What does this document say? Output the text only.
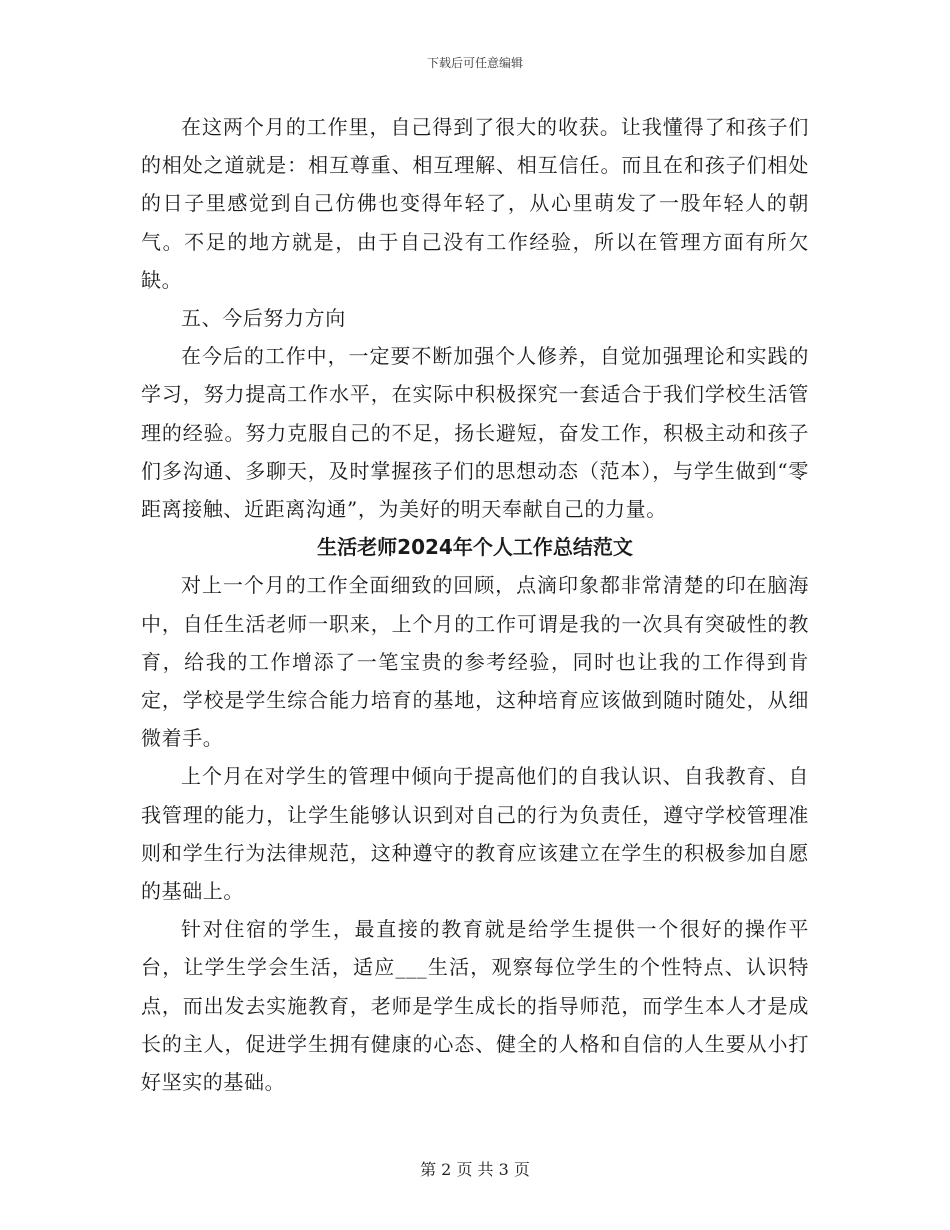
下载后可任意编辑

在这两个月的工作里，自己得到了很大的收获。让我懂得了和孩子们的相处之道就是：相互尊重、相互理解、相互信任。而且在和孩子们相处的日子里感觉到自己仿佛也变得年轻了，从心里萌发了一股年轻人的朝气。不足的地方就是，由于自己没有工作经验，所以在管理方面有所欠缺。

五、今后努力方向

在今后的工作中，一定要不断加强个人修养，自觉加强理论和实践的学习，努力提高工作水平，在实际中积极探究一套适合于我们学校生活管理的经验。努力克服自己的不足，扬长避短，奋发工作，积极主动和孩子们多沟通、多聊天，及时掌握孩子们的思想动态（范本），与学生做到“零距离接触、近距离沟通”，为美好的明天奉献自己的力量。

生活老师2024年个人工作总结范文

对上一个月的工作全面细致的回顾，点滴印象都非常清楚的印在脑海中，自任生活老师一职来，上个月的工作可谓是我的一次具有突破性的教育，给我的工作增添了一笔宝贵的参考经验，同时也让我的工作得到肯定，学校是学生综合能力培育的基地，这种培育应该做到随时随处，从细微着手。

上个月在对学生的管理中倾向于提高他们的自我认识、自我教育、自我管理的能力，让学生能够认识到对自己的行为负责任，遵守学校管理准则和学生行为法律规范，这种遵守的教育应该建立在学生的积极参加自愿的基础上。

针对住宿的学生，最直接的教育就是给学生提供一个很好的操作平台，让学生学会生活，适应___生活，观察每位学生的个性特点、认识特点，而出发去实施教育，老师是学生成长的指导师范，而学生本人才是成长的主人，促进学生拥有健康的心态、健全的人格和自信的人生要从小打好坚实的基础。

第 2 页 共 3 页
